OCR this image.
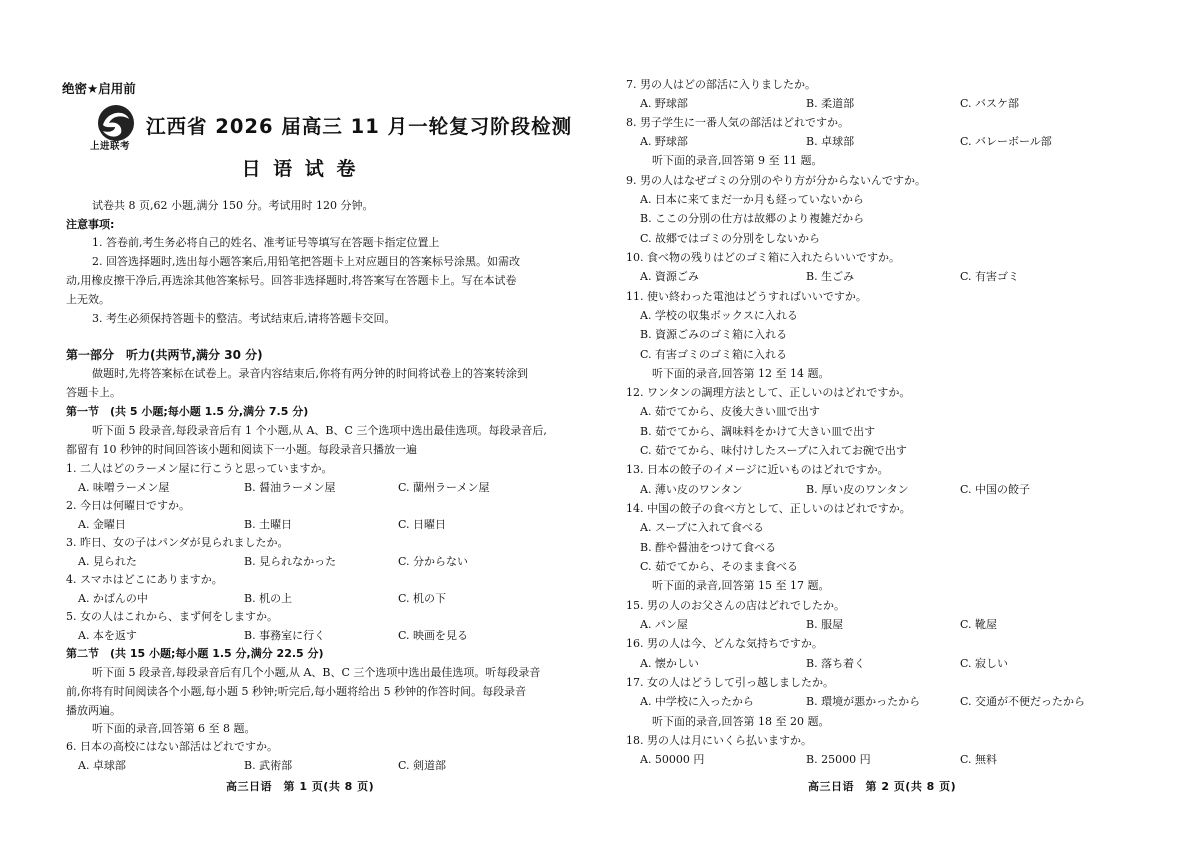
绝密★启用前
上进联考
江西省 2026 届高三 11 月一轮复习阶段检测
日 语 试 卷
试卷共 8 页,62 小题,满分 150 分。考试用时 120 分钟。
注意事项:
1. 答卷前,考生务必将自己的姓名、准考证号等填写在答题卡指定位置上
2. 回答选择题时,选出每小题答案后,用铅笔把答题卡上对应题目的答案标号涂黑。如需改
动,用橡皮擦干净后,再选涂其他答案标号。回答非选择题时,将答案写在答题卡上。写在本试卷
上无效。
3. 考生必须保持答题卡的整洁。考试结束后,请将答题卡交回。
第一部分　听力(共两节,满分 30 分)
做题时,先将答案标在试卷上。录音内容结束后,你将有两分钟的时间将试卷上的答案转涂到
答题卡上。
第一节　(共 5 小题;每小题 1.5 分,满分 7.5 分)
听下面 5 段录音,每段录音后有 1 个小题,从 A、B、C 三个选项中选出最佳选项。每段录音后,
都留有 10 秒钟的时间回答该小题和阅读下一小题。每段录音只播放一遍
1. 二人はどのラーメン屋に行こうと思っていますか。
A. 味噌ラーメン屋	B. 醤油ラーメン屋	C. 蘭州ラーメン屋
2. 今日は何曜日ですか。
A. 金曜日	B. 土曜日	C. 日曜日
3. 昨日、女の子はパンダが見られましたか。
A. 見られた	B. 見られなかった	C. 分からない
4. スマホはどこにありますか。
A. かばんの中	B. 机の上	C. 机の下
5. 女の人はこれから、まず何をしますか。
A. 本を返す	B. 事務室に行く	C. 映画を見る
第二节　(共 15 小题;每小题 1.5 分,满分 22.5 分)
听下面 5 段录音,每段录音后有几个小题,从 A、B、C 三个选项中选出最佳选项。听每段录音
前,你将有时间阅读各个小题,每小题 5 秒钟;听完后,每小题将给出 5 秒钟的作答时间。每段录音
播放两遍。
听下面的录音,回答第 6 至 8 题。
6. 日本の高校にはない部活はどれですか。
A. 卓球部	B. 武術部	C. 剣道部
高三日语　第 1 页(共 8 页)
7. 男の人はどの部活に入りましたか。
A. 野球部	B. 柔道部	C. バスケ部
8. 男子学生に一番人気の部活はどれですか。
A. 野球部	B. 卓球部	C. バレーボール部
听下面的录音,回答第 9 至 11 题。
9. 男の人はなぜゴミの分別のやり方が分からないんですか。
A. 日本に来てまだ一か月も経っていないから
B. ここの分別の仕方は故郷のより複雑だから
C. 故郷ではゴミの分別をしないから
10. 食べ物の残りはどのゴミ箱に入れたらいいですか。
A. 資源ごみ	B. 生ごみ	C. 有害ゴミ
11. 使い終わった電池はどうすればいいですか。
A. 学校の収集ボックスに入れる
B. 資源ごみのゴミ箱に入れる
C. 有害ゴミのゴミ箱に入れる
听下面的录音,回答第 12 至 14 题。
12. ワンタンの調理方法として、正しいのはどれですか。
A. 茹でてから、皮後大きい皿で出す
B. 茹でてから、調味料をかけて大きい皿で出す
C. 茹でてから、味付けしたスープに入れてお碗で出す
13. 日本の餃子のイメージに近いものはどれですか。
A. 薄い皮のワンタン	B. 厚い皮のワンタン	C. 中国の餃子
14. 中国の餃子の食べ方として、正しいのはどれですか。
A. スープに入れて食べる
B. 酢や醤油をつけて食べる
C. 茹でてから、そのまま食べる
听下面的录音,回答第 15 至 17 题。
15. 男の人のお父さんの店はどれでしたか。
A. パン屋	B. 服屋	C. 靴屋
16. 男の人は今、どんな気持ちですか。
A. 懐かしい	B. 落ち着く	C. 寂しい
17. 女の人はどうして引っ越しましたか。
A. 中学校に入ったから	B. 環境が悪かったから	C. 交通が不便だったから
听下面的录音,回答第 18 至 20 题。
18. 男の人は月にいくら払いますか。
A. 50000 円	B. 25000 円	C. 無料
高三日语　第 2 页(共 8 页)
